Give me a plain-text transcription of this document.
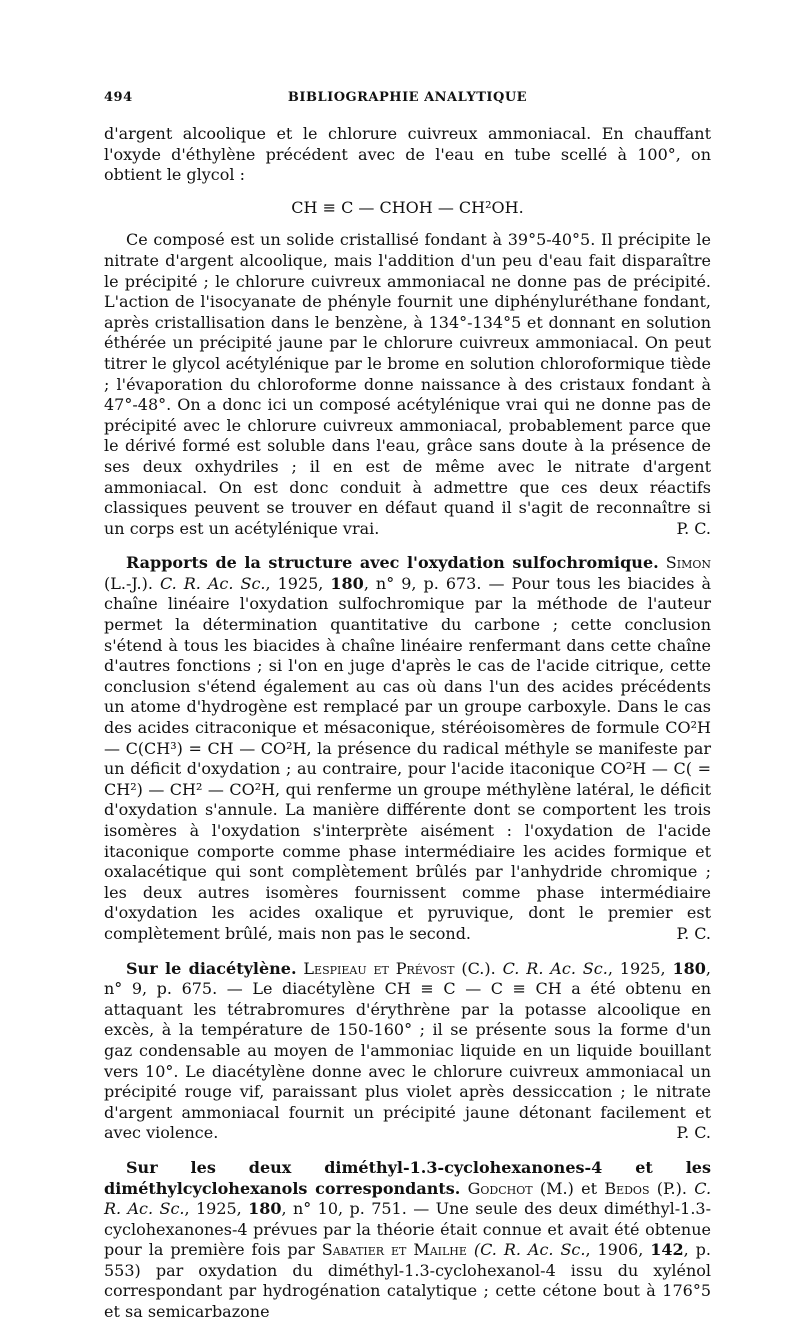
494	BIBLIOGRAPHIE ANALYTIQUE

d'argent alcoolique et le chlorure cuivreux ammoniacal. En chauffant l'oxyde d'éthylène précédent avec de l'eau en tube scellé à 100°, on obtient le glycol :

CH ≡ C — CHOH — CH²OH.

Ce composé est un solide cristallisé fondant à 39°5-40°5. Il précipite le nitrate d'argent alcoolique, mais l'addition d'un peu d'eau fait disparaître le précipité ; le chlorure cuivreux ammoniacal ne donne pas de précipité. L'action de l'isocyanate de phényle fournit une diphényluréthane fondant, après cristallisation dans le benzène, à 134°-134°5 et donnant en solution éthérée un précipité jaune par le chlorure cuivreux ammoniacal. On peut titrer le glycol acétylénique par le brome en solution chloroformique tiède ; l'évaporation du chloroforme donne naissance à des cristaux fondant à 47°-48°. On a donc ici un composé acétylénique vrai qui ne donne pas de précipité avec le chlorure cuivreux ammoniacal, probablement parce que le dérivé formé est soluble dans l'eau, grâce sans doute à la présence de ses deux oxhydriles ; il en est de même avec le nitrate d'argent ammoniacal. On est donc conduit à admettre que ces deux réactifs classiques peuvent se trouver en défaut quand il s'agit de reconnaître si un corps est un acétylénique vrai.	P. C.

Rapports de la structure avec l'oxydation sulfochromique. Simon (L.-J.). C. R. Ac. Sc., 1925, 180, n° 9, p. 673. — Pour tous les biacides à chaîne linéaire l'oxydation sulfochromique par la méthode de l'auteur permet la détermination quantitative du carbone ; cette conclusion s'étend à tous les biacides à chaîne linéaire renfermant dans cette chaîne d'autres fonctions ; si l'on en juge d'après le cas de l'acide citrique, cette conclusion s'étend également au cas où dans l'un des acides précédents un atome d'hydrogène est remplacé par un groupe carboxyle. Dans le cas des acides citraconique et mésaconique, stéréoisomères de formule CO²H — C(CH³) = CH — CO²H, la présence du radical méthyle se manifeste par un déficit d'oxydation ; au contraire, pour l'acide itaconique CO²H — C( = CH²) — CH² — CO²H, qui renferme un groupe méthylène latéral, le déficit d'oxydation s'annule. La manière différente dont se comportent les trois isomères à l'oxydation s'interprète aisément : l'oxydation de l'acide itaconique comporte comme phase intermédiaire les acides formique et oxalacétique qui sont complètement brûlés par l'anhydride chromique ; les deux autres isomères fournissent comme phase intermédiaire d'oxydation les acides oxalique et pyruvique, dont le premier est complètement brûlé, mais non pas le second.	P. C.

Sur le diacétylène. Lespieau et Prévost (C.). C. R. Ac. Sc., 1925, 180, n° 9, p. 675. — Le diacétylène CH ≡ C — C ≡ CH a été obtenu en attaquant les tétrabromures d'érythrène par la potasse alcoolique en excès, à la température de 150-160° ; il se présente sous la forme d'un gaz condensable au moyen de l'ammoniac liquide en un liquide bouillant vers 10°. Le diacétylène donne avec le chlorure cuivreux ammoniacal un précipité rouge vif, paraissant plus violet après dessiccation ; le nitrate d'argent ammoniacal fournit un précipité jaune détonant facilement et avec violence.	P. C.

Sur les deux diméthyl-1.3-cyclohexanones-4 et les diméthylcyclohexanols correspondants. Godchot (M.) et Bedos (P.). C. R. Ac. Sc., 1925, 180, n° 10, p. 751. — Une seule des deux diméthyl-1.3-cyclohexanones-4 prévues par la théorie était connue et avait été obtenue pour la première fois par Sabatier et Mailhe (C. R. Ac. Sc., 1906, 142, p. 553) par oxydation du diméthyl-1.3-cyclohexanol-4 issu du xylénol correspondant par hydrogénation catalytique ; cette cétone bout à 176°5 et sa semicarbazone
